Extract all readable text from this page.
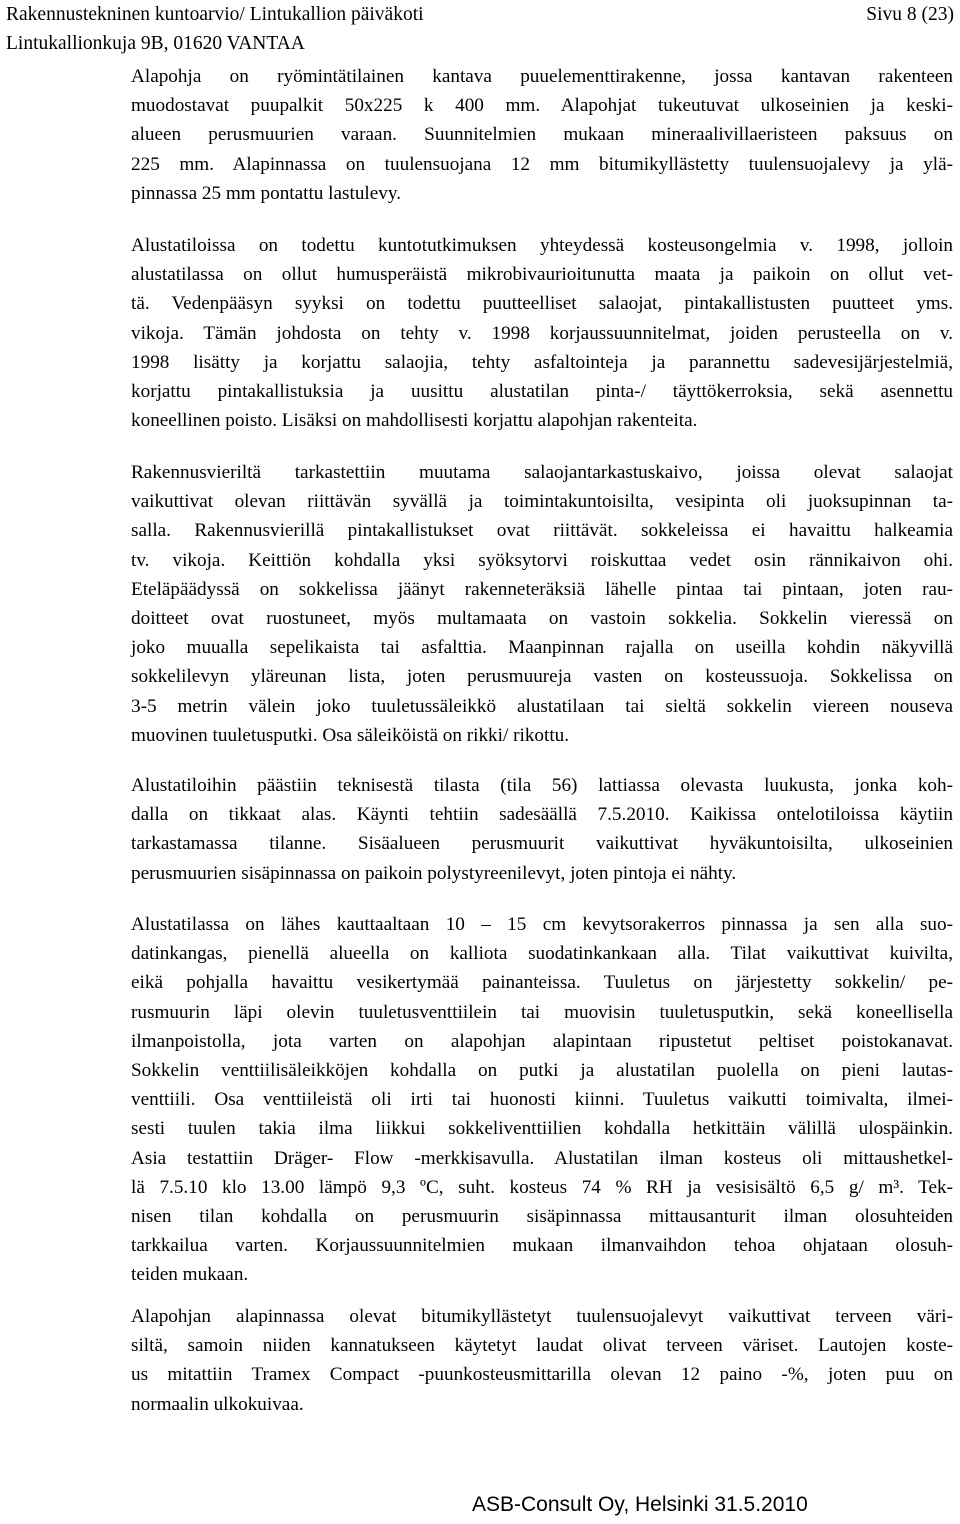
Rakennustekninen kuntoarvio/ Lintukallion päiväkoti	Sivu 8 (23)
Lintukallionkuja 9B, 01620 VANTAA
Alapohja on ryömintätilainen kantava puuelementtirakenne, jossa kantavan rakenteen
muodostavat puupalkit 50x225 k 400 mm. Alapohjat tukeutuvat ulkoseinien ja keski-
alueen perusmuurien varaan. Suunnitelmien mukaan mineraalivillaeristeen paksuus on
225 mm. Alapinnassa on tuulensuojana 12 mm bitumikyllästetty tuulensuojalevy ja ylä-
pinnassa 25 mm pontattu lastulevy.
Alustatiloissa on todettu kuntotutkimuksen yhteydessä kosteusongelmia v. 1998, jolloin
alustatilassa on ollut humusperäistä mikrobivaurioitunutta maata ja paikoin on ollut vet-
tä. Vedenpääsyn syyksi on todettu puutteelliset salaojat, pintakallistusten puutteet yms.
vikoja. Tämän johdosta on tehty v. 1998 korjaussuunnitelmat, joiden perusteella on v.
1998 lisätty ja korjattu salaojia, tehty asfaltointeja ja parannettu sadevesijärjestelmiä,
korjattu pintakallistuksia ja uusittu alustatilan pinta-/ täyttökerroksia, sekä asennettu
koneellinen poisto. Lisäksi on mahdollisesti korjattu alapohjan rakenteita.
Rakennusvieriltä tarkastettiin muutama salaojantarkastuskaivo, joissa olevat salaojat
vaikuttivat olevan riittävän syvällä ja toimintakuntoisilta, vesipinta oli juoksupinnan ta-
salla. Rakennusvierillä pintakallistukset ovat riittävät. sokkeleissa ei havaittu halkeamia
tv. vikoja. Keittiön kohdalla yksi syöksytorvi roiskuttaa vedet osin rännikaivon ohi.
Eteläpäädyssä on sokkelissa jäänyt rakenneteräksiä lähelle pintaa tai pintaan, joten rau-
doitteet ovat ruostuneet, myös multamaata on vastoin sokkelia. Sokkelin vieressä on
joko muualla sepelikaista tai asfalttia. Maanpinnan rajalla on useilla kohdin näkyvillä
sokkelilevyn yläreunan lista, joten perusmuureja vasten on kosteussuoja. Sokkelissa on
3-5 metrin välein joko tuuletussäleikkö alustatilaan tai sieltä sokkelin viereen nouseva
muovinen tuuletusputki. Osa säleiköistä on rikki/ rikottu.
Alustatiloihin päästiin teknisestä tilasta (tila 56) lattiassa olevasta luukusta, jonka koh-
dalla on tikkaat alas. Käynti tehtiin sadesäällä 7.5.2010. Kaikissa ontelotiloissa käytiin
tarkastamassa tilanne. Sisäalueen perusmuurit vaikuttivat hyväkuntoisilta, ulkoseinien
perusmuurien sisäpinnassa on paikoin polystyreenilevyt, joten pintoja ei nähty.
Alustatilassa on lähes kauttaaltaan 10 – 15 cm kevytsorakerros pinnassa ja sen alla suo-
datinkangas, pienellä alueella on kalliota suodatinkankaan alla. Tilat vaikuttivat kuivilta,
eikä pohjalla havaittu vesikertymää painanteissa. Tuuletus on järjestetty sokkelin/ pe-
rusmuurin läpi olevin tuuletusventtiilein tai muovisin tuuletusputkin, sekä koneellisella
ilmanpoistolla, jota varten on alapohjan alapintaan ripustetut peltiset poistokanavat.
Sokkelin venttiilisäleikköjen kohdalla on putki ja alustatilan puolella on pieni lautas-
venttiili. Osa venttiileistä oli irti tai huonosti kiinni. Tuuletus vaikutti toimivalta, ilmei-
sesti tuulen takia ilma liikkui sokkeliventtiilien kohdalla hetkittäin välillä ulospäinkin.
Asia testattiin Dräger- Flow -merkkisavulla. Alustatilan ilman kosteus oli mittaushetkel-
lä 7.5.10 klo 13.00 lämpö 9,3 ºC, suht. kosteus 74 % RH ja vesisisältö 6,5 g/ m³. Tek-
nisen tilan kohdalla on perusmuurin sisäpinnassa mittausanturit ilman olosuhteiden
tarkkailua varten. Korjaussuunnitelmien mukaan ilmanvaihdon tehoa ohjataan olosuh-
teiden mukaan.
Alapohjan alapinnassa olevat bitumikyllästetyt tuulensuojalevyt vaikuttivat terveen väri-
siltä, samoin niiden kannatukseen käytetyt laudat olivat terveen väriset. Lautojen koste-
us mitattiin Tramex Compact -puunkosteusmittarilla olevan 12 paino -%, joten puu on
normaalin ulkokuivaa.
ASB-Consult Oy, Helsinki 31.5.2010
